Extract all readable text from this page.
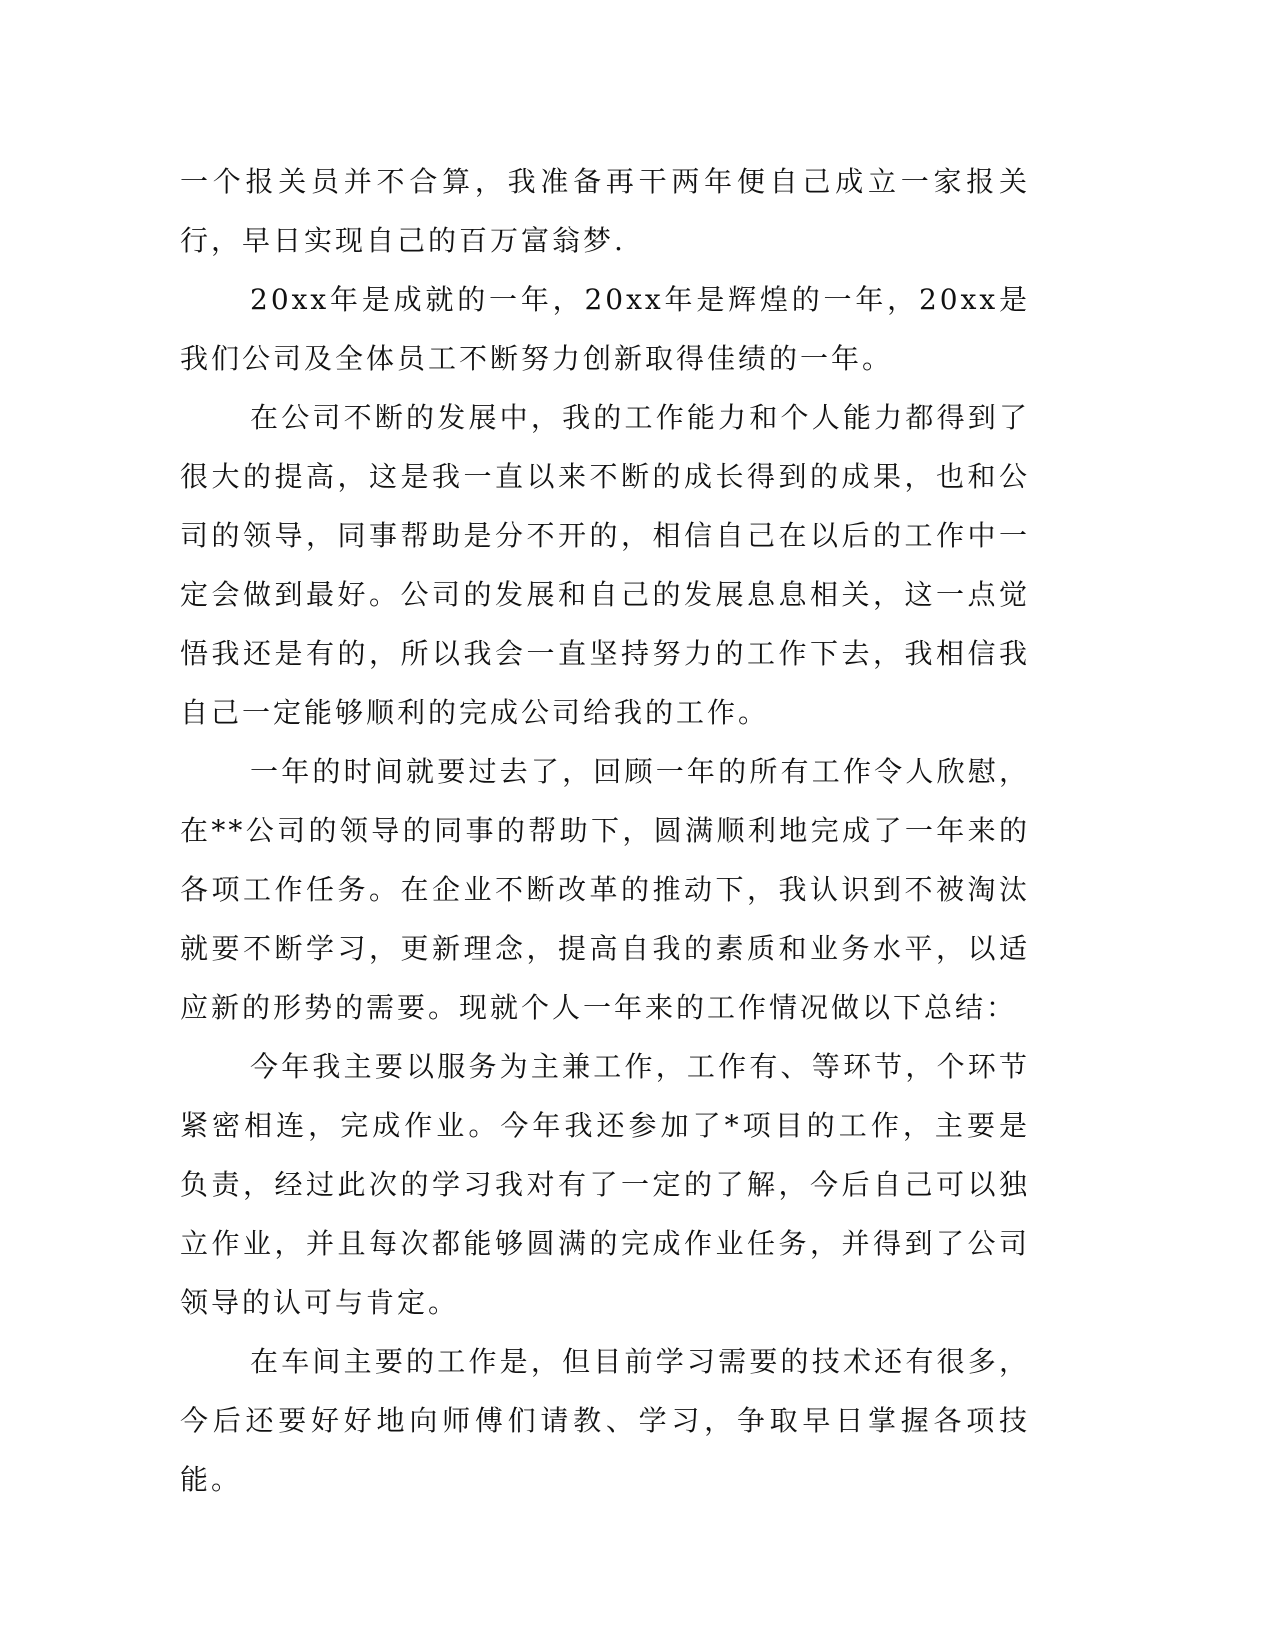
一个报关员并不合算，我准备再干两年便自己成立一家报关行，早日实现自己的百万富翁梦.

20xx年是成就的一年，20xx年是辉煌的一年，20xx是我们公司及全体员工不断努力创新取得佳绩的一年。

在公司不断的发展中，我的工作能力和个人能力都得到了很大的提高，这是我一直以来不断的成长得到的成果，也和公司的领导，同事帮助是分不开的，相信自己在以后的工作中一定会做到最好。公司的发展和自己的发展息息相关，这一点觉悟我还是有的，所以我会一直坚持努力的工作下去，我相信我自己一定能够顺利的完成公司给我的工作。

一年的时间就要过去了，回顾一年的所有工作令人欣慰，在**公司的领导的同事的帮助下，圆满顺利地完成了一年来的各项工作任务。在企业不断改革的推动下，我认识到不被淘汰就要不断学习，更新理念，提高自我的素质和业务水平，以适应新的形势的需要。现就个人一年来的工作情况做以下总结：

今年我主要以服务为主兼工作，工作有、等环节，个环节紧密相连，完成作业。今年我还参加了*项目的工作，主要是负责，经过此次的学习我对有了一定的了解，今后自己可以独立作业，并且每次都能够圆满的完成作业任务，并得到了公司领导的认可与肯定。

在车间主要的工作是，但目前学习需要的技术还有很多，今后还要好好地向师傅们请教、学习，争取早日掌握各项技能。
